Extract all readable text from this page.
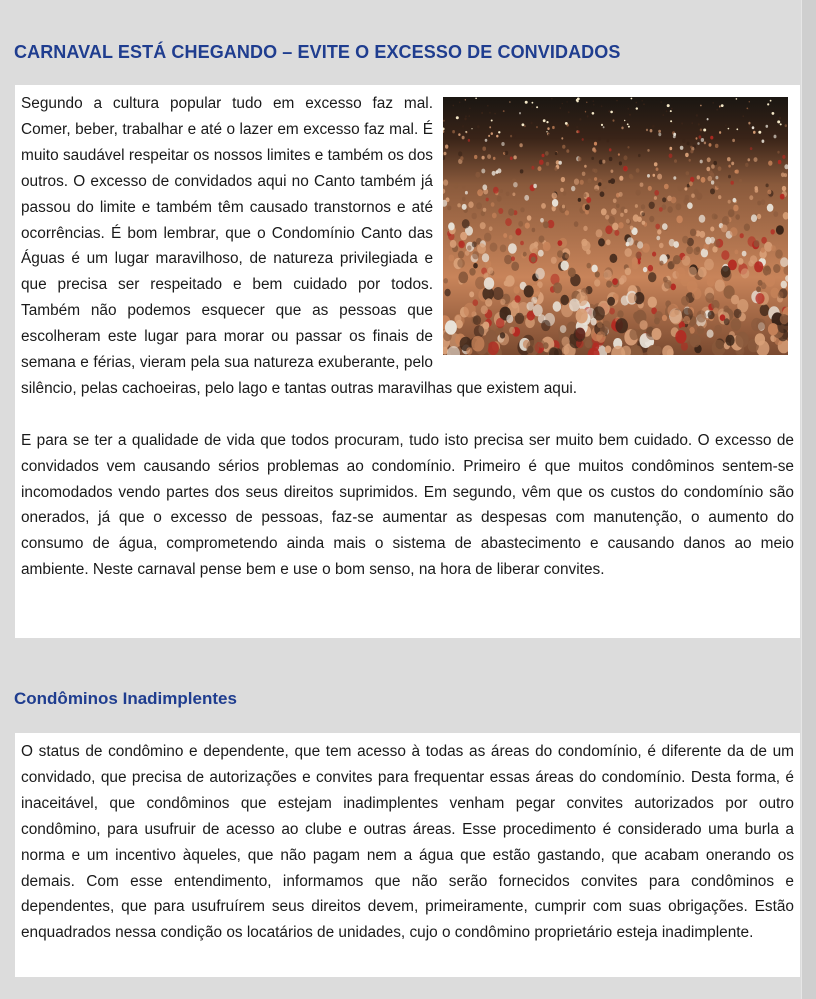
CARNAVAL ESTÁ CHEGANDO – EVITE O EXCESSO DE CONVIDADOS

Segundo a cultura popular tudo em excesso faz mal. Comer, beber, trabalhar e até o lazer em excesso faz mal. É muito saudável respeitar os nossos limites e também os dos outros. O excesso de convidados aqui no Canto também já passou do limite e também têm causado transtornos e até ocorrências. É bom lembrar, que o Condomínio Canto das Águas é um lugar maravilhoso, de natureza privilegiada e que precisa ser respeitado e bem cuidado por todos. Também não podemos esquecer que as pessoas que escolheram este lugar para morar ou passar os finais de semana e férias, vieram pela sua natureza exuberante, pelo silêncio, pelas cachoeiras, pelo lago e tantas outras maravilhas que existem aqui.

E para se ter a qualidade de vida que todos procuram, tudo isto precisa ser muito bem cuidado. O excesso de convidados vem causando sérios problemas ao condomínio. Primeiro é que muitos condôminos sentem-se incomodados vendo partes dos seus direitos suprimidos. Em segundo, vêm que os custos do condomínio são onerados, já que o excesso de pessoas, faz-se aumentar as despesas com manutenção, o aumento do consumo de água, comprometendo ainda mais o sistema de abastecimento e causando danos ao meio ambiente. Neste carnaval pense bem e use o bom senso, na hora de liberar convites.

Condôminos Inadimplentes

O status de condômino e dependente, que tem acesso à todas as áreas do condomínio, é diferente da de um convidado, que precisa de autorizações e convites para frequentar essas áreas do condomínio. Desta forma, é inaceitável, que condôminos que estejam inadimplentes venham pegar convites autorizados por outro condômino, para usufruir de acesso ao clube e outras áreas. Esse procedimento é considerado uma burla a norma e um incentivo àqueles, que não pagam nem a água que estão gastando, que acabam onerando os demais. Com esse entendimento, informamos que não serão fornecidos convites para condôminos e dependentes, que para usufruírem seus direitos devem, primeiramente, cumprir com suas obrigações. Estão enquadrados nessa condição os locatários de unidades, cujo o condômino proprietário esteja inadimplente.
